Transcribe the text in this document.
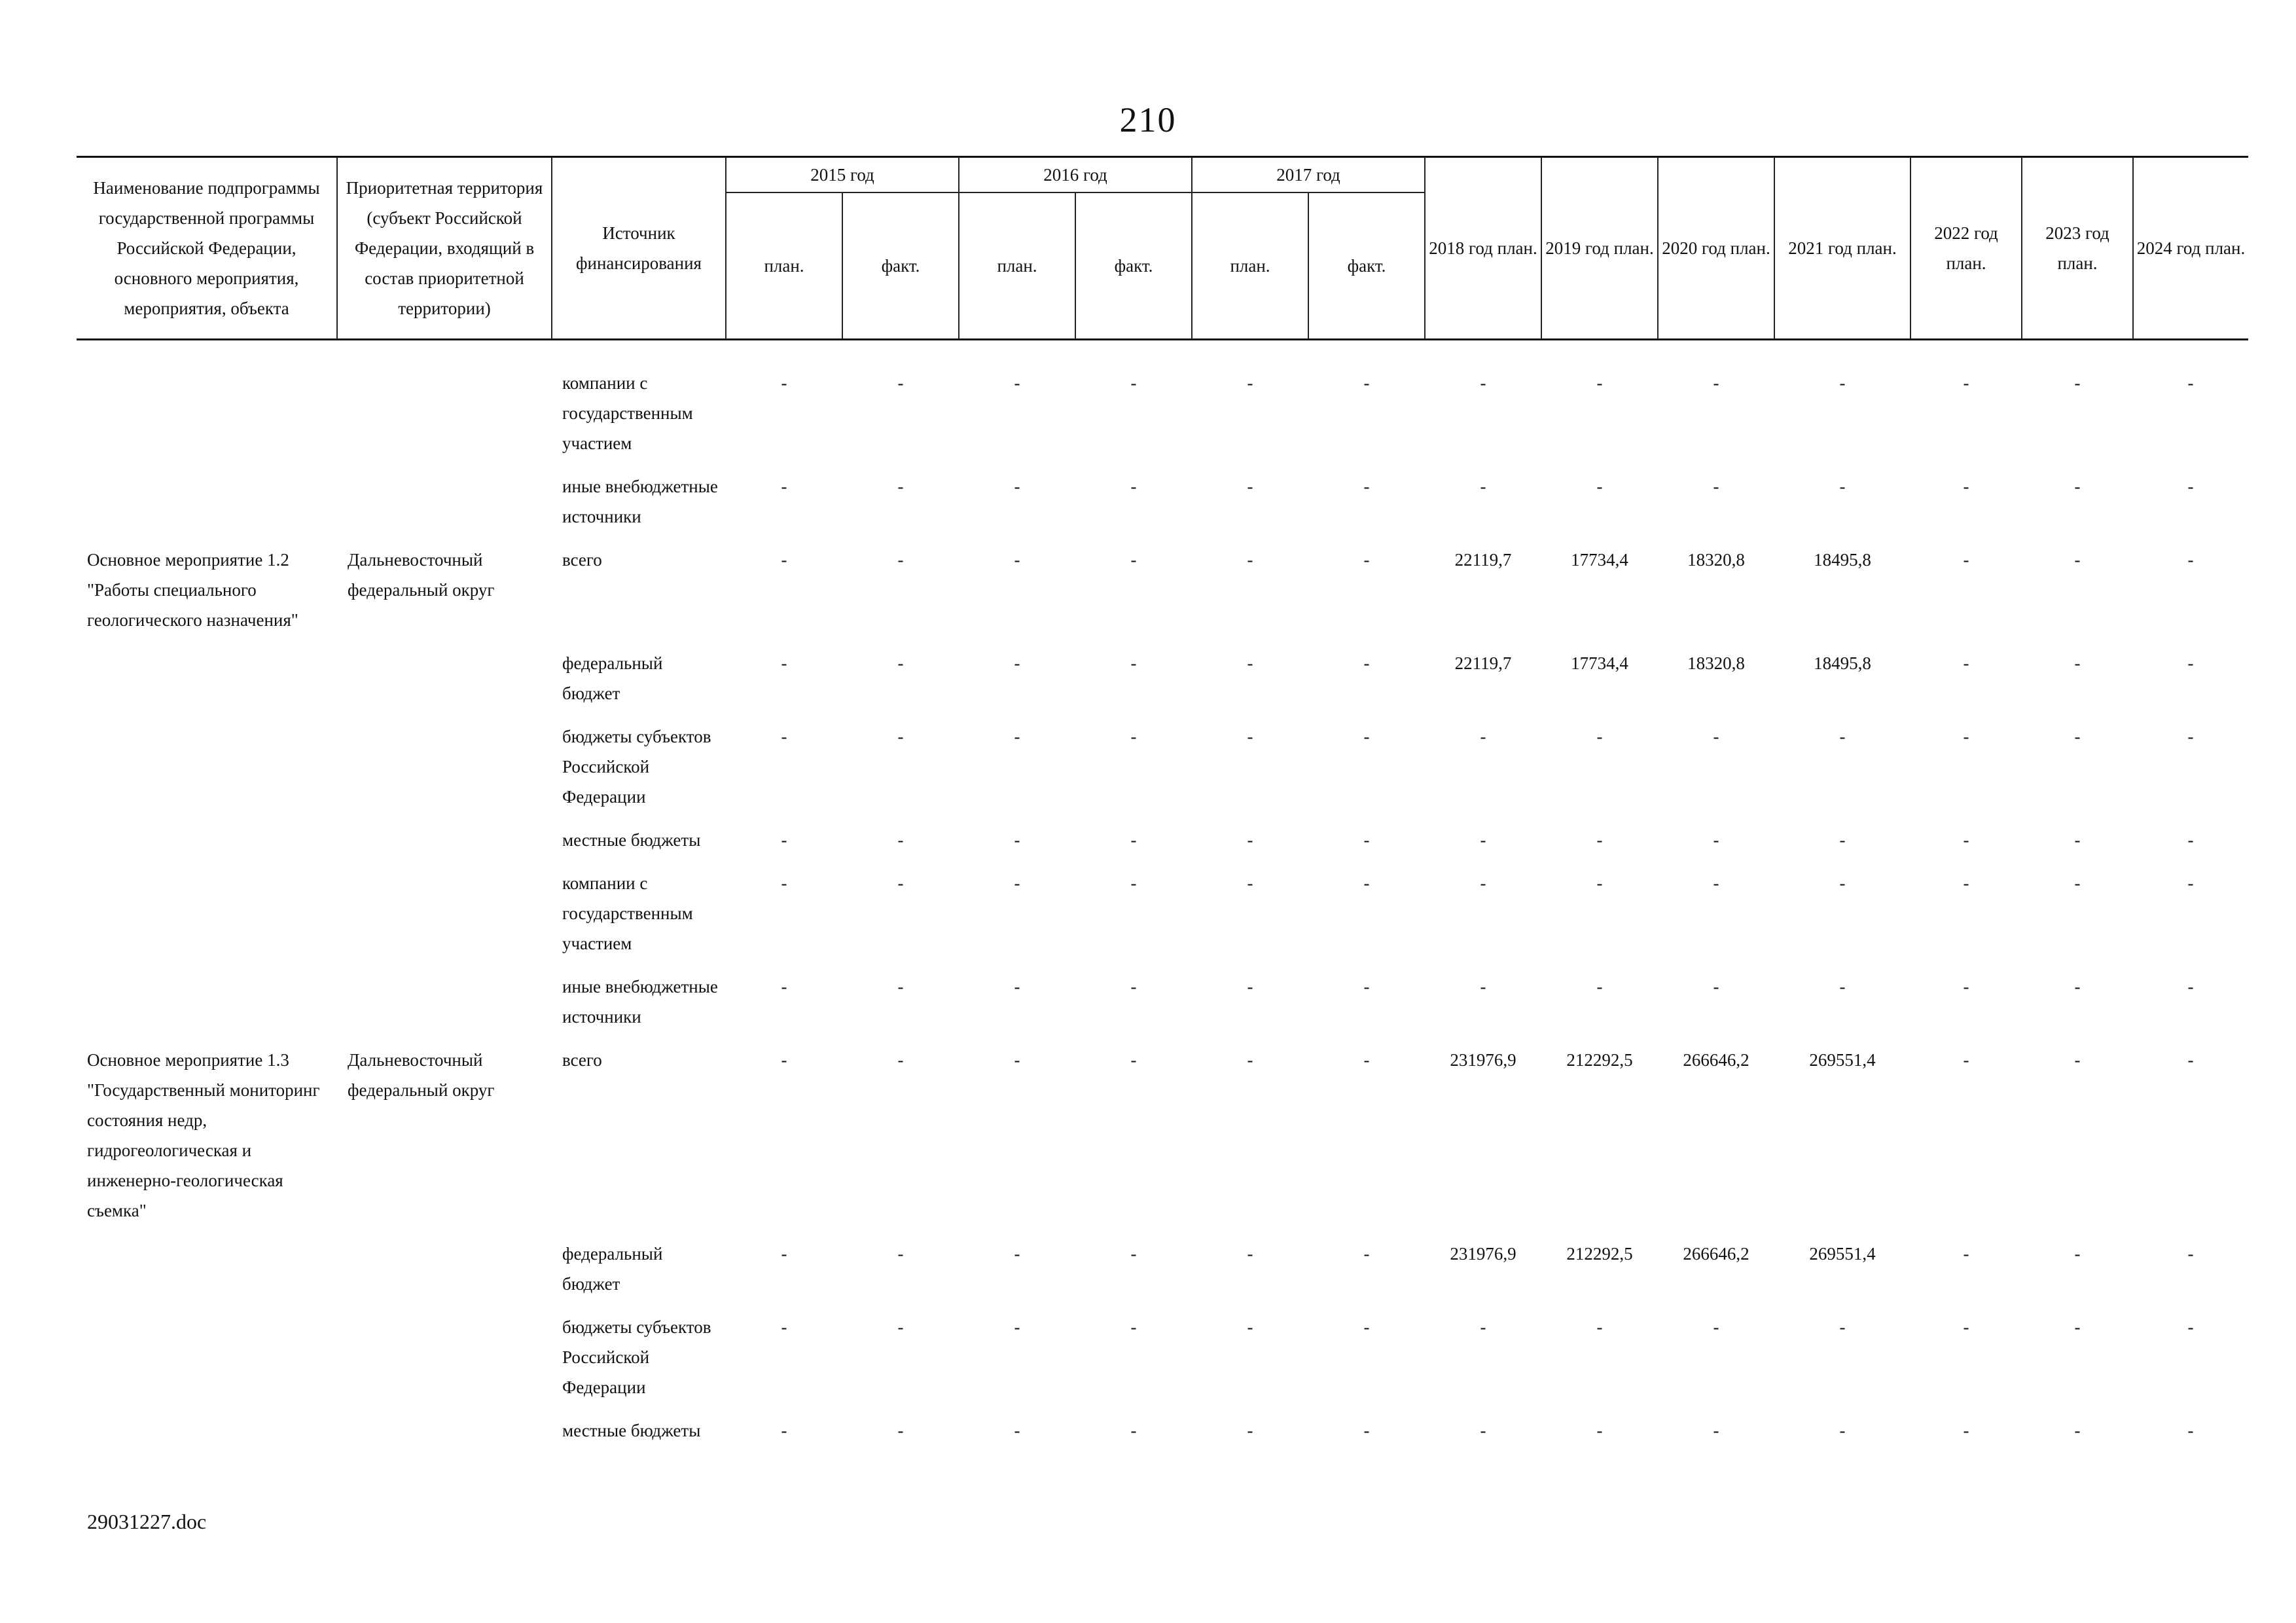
210
Наименование подпрограммы государственной программы Российской Федерации, основного мероприятия, мероприятия, объекта	Приоритетная территория (субъект Российской Федерации, входящий в состав приоритетной территории)	Источник финансирования	2015 год		2016 год		2017 год		2018 год план.	2019 год план.	2020 год план.	2021 год план.	2022 год план.	2023 год план.	2024 год план.
			план.	факт.	план.	факт.	план.	факт.							

		компании с государственным участием	-	-	-	-	-	-	-	-	-	-	-	-	-
		иные внебюджетные источники	-	-	-	-	-	-	-	-	-	-	-	-	-
Основное мероприятие 1.2 "Работы специального геологического назначения"	Дальневосточный федеральный округ	всего	-	-	-	-	-	-	22119,7	17734,4	18320,8	18495,8	-	-	-
		федеральный бюджет	-	-	-	-	-	-	22119,7	17734,4	18320,8	18495,8	-	-	-
		бюджеты субъектов Российской Федерации	-	-	-	-	-	-	-	-	-	-	-	-	-
		местные бюджеты	-	-	-	-	-	-	-	-	-	-	-	-	-
		компании с государственным участием	-	-	-	-	-	-	-	-	-	-	-	-	-
		иные внебюджетные источники	-	-	-	-	-	-	-	-	-	-	-	-	-
Основное мероприятие 1.3 "Государственный мониторинг состояния недр, гидрогеологическая и инженерно-геологическая съемка"	Дальневосточный федеральный округ	всего	-	-	-	-	-	-	231976,9	212292,5	266646,2	269551,4	-	-	-
		федеральный бюджет	-	-	-	-	-	-	231976,9	212292,5	266646,2	269551,4	-	-	-
		бюджеты субъектов Российской Федерации	-	-	-	-	-	-	-	-	-	-	-	-	-
		местные бюджеты	-	-	-	-	-	-	-	-	-	-	-	-	-
29031227.doc
